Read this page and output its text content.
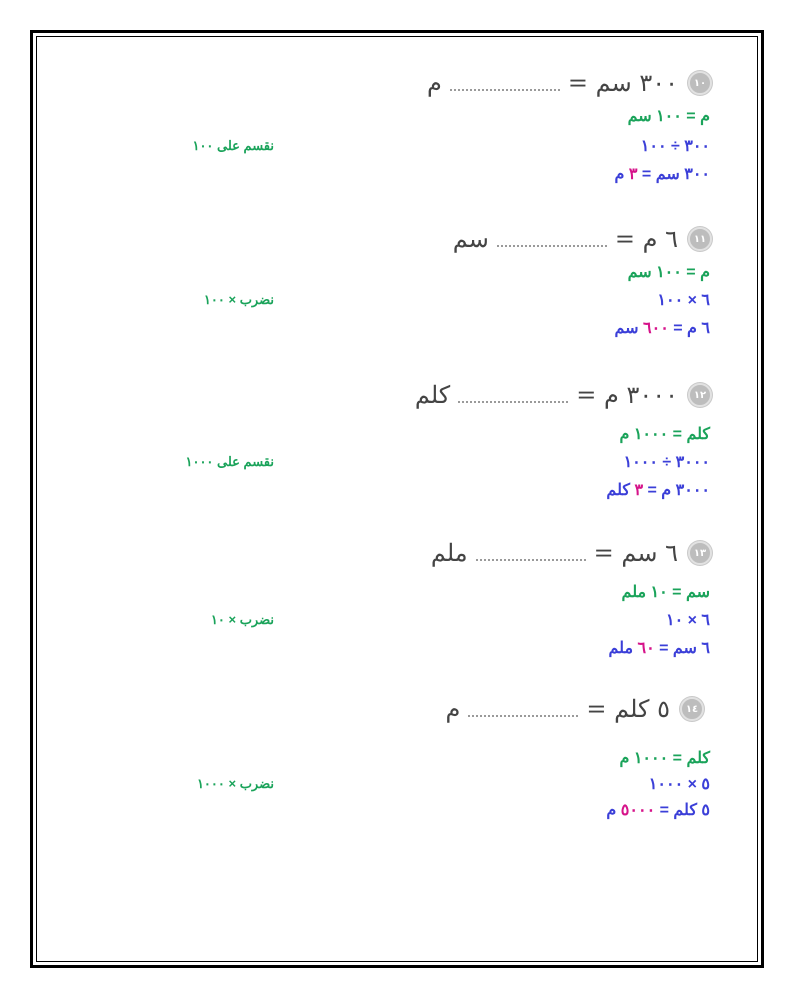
١٠
٣٠٠ سم =
م
م = ١٠٠ سم
٣٠٠ ÷ ١٠٠
٣٠٠ سم = ٣ م
نقسم على ١٠٠
١١
٦ م =
سم
م = ١٠٠ سم
٦ × ١٠٠
٦ م = ٦٠٠ سم
نضرب × ١٠٠
١٢
٣٠٠٠ م =
كلم
كلم = ١٠٠٠ م
٣٠٠٠ ÷ ١٠٠٠
٣٠٠٠ م = ٣ كلم
نقسم على ١٠٠٠
١٣
٦ سم =
ملم
سم = ١٠ ملم
٦ × ١٠
٦ سم = ٦٠ ملم
نضرب × ١٠
١٤
٥ كلم =
م
كلم = ١٠٠٠ م
٥ × ١٠٠٠
٥ كلم = ٥٠٠٠ م
نضرب × ١٠٠٠
